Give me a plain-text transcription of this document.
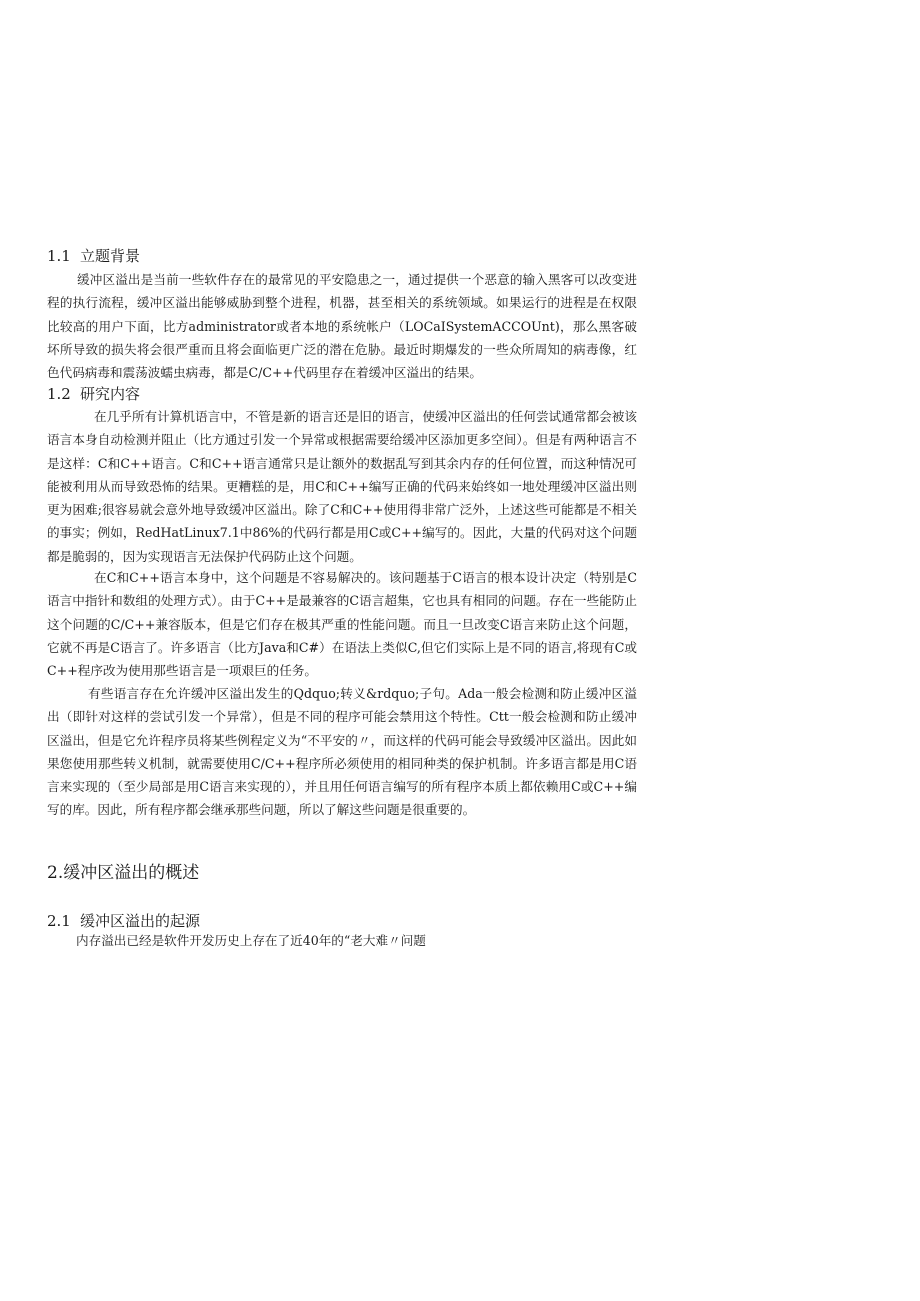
1.1 立题背景

缓冲区溢出是当前一些软件存在的最常见的平安隐患之一，通过提供一个恶意的输入黑客可以改变进程的执行流程，缓冲区溢出能够威胁到整个进程，机器，甚至相关的系统领域。如果运行的进程是在权限比较高的用户下面，比方administrator或者本地的系统帐户（LOCaISystemACCOUnt)，那么黑客破坏所导致的损失将会很严重而且将会面临更广泛的潜在危胁。最近时期爆发的一些众所周知的病毒像，红色代码病毒和震荡波蠕虫病毒，都是C/C++代码里存在着缓冲区溢出的结果。

1.2 研究内容

在几乎所有计算机语言中，不管是新的语言还是旧的语言，使缓冲区溢出的任何尝试通常都会被该语言本身自动检测并阻止（比方通过引发一个异常或根据需要给缓冲区添加更多空间）。但是有两种语言不是这样：C和C++语言。C和C++语言通常只是让额外的数据乱写到其余内存的任何位置，而这种情况可能被利用从而导致恐怖的结果。更糟糕的是，用C和C++编写正确的代码来始终如一地处理缓冲区溢出则更为困难;很容易就会意外地导致缓冲区溢出。除了C和C++使用得非常广泛外，上述这些可能都是不相关的事实；例如，RedHatLinux7.1中86%的代码行都是用C或C++编写的。因此，大量的代码对这个问题都是脆弱的，因为实现语言无法保护代码防止这个问题。

在C和C++语言本身中，这个问题是不容易解决的。该问题基于C语言的根本设计决定（特别是C语言中指针和数组的处理方式）。由于C++是最兼容的C语言超集，它也具有相同的问题。存在一些能防止这个问题的C/C++兼容版本，但是它们存在极其严重的性能问题。而且一旦改变C语言来防止这个问题，它就不再是C语言了。许多语言（比方Java和C#）在语法上类似C,但它们实际上是不同的语言,将现有C或C++程序改为使用那些语言是一项艰巨的任务。

有些语言存在允许缓冲区溢出发生的Qdquo;转义&rdquo;子句。Ada一般会检测和防止缓冲区溢出（即针对这样的尝试引发一个异常），但是不同的程序可能会禁用这个特性。Ctt一般会检测和防止缓冲区溢出，但是它允许程序员将某些例程定义为“不平安的〃，而这样的代码可能会导致缓冲区溢出。因此如果您使用那些转义机制，就需要使用C/C++程序所必须使用的相同种类的保护机制。许多语言都是用C语言来实现的（至少局部是用C语言来实现的），并且用任何语言编写的所有程序本质上都依赖用C或C++编写的库。因此，所有程序都会继承那些问题，所以了解这些问题是很重要的。

2.缓冲区溢出的概述
2.1 缓冲区溢出的起源

内存溢出已经是软件开发历史上存在了近40年的“老大难〃问题
